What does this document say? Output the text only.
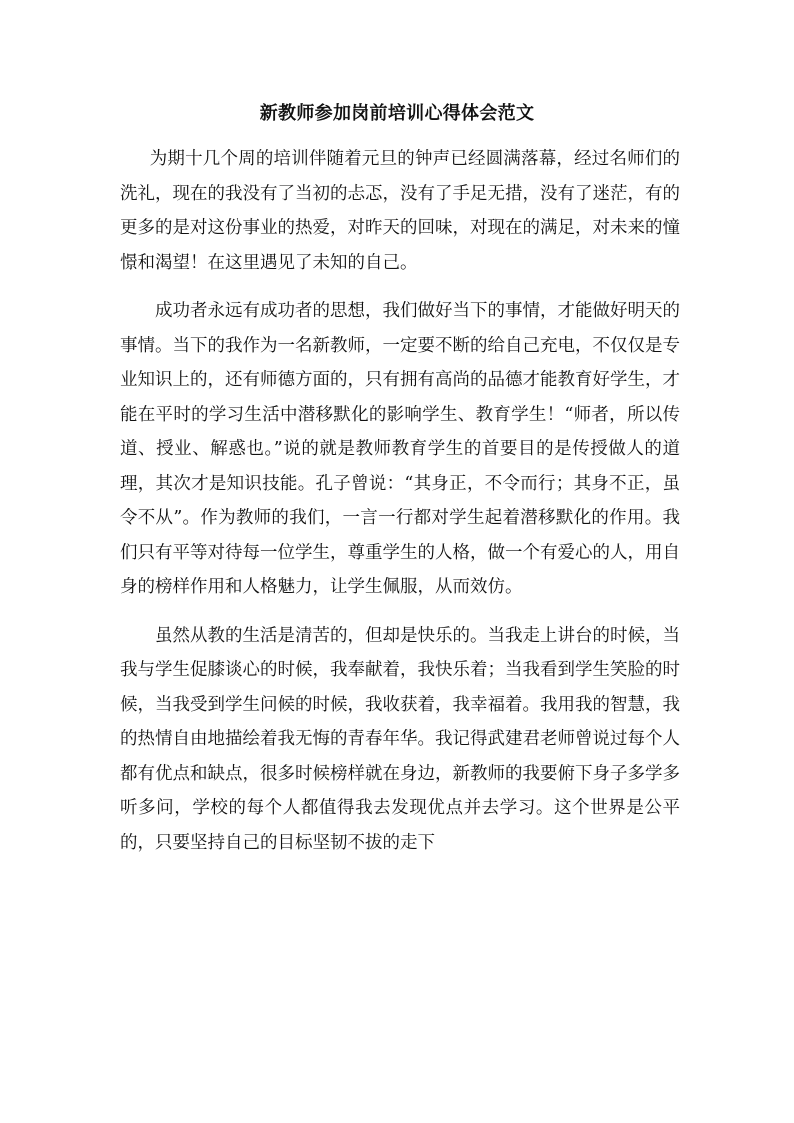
新教师参加岗前培训心得体会范文

为期十几个周的培训伴随着元旦的钟声已经圆满落幕，经过名师们的洗礼，现在的我没有了当初的忐忑，没有了手足无措，没有了迷茫，有的更多的是对这份事业的热爱，对昨天的回味，对现在的满足，对未来的憧憬和渴望！在这里遇见了未知的自己。

成功者永远有成功者的思想，我们做好当下的事情，才能做好明天的事情。当下的我作为一名新教师，一定要不断的给自己充电，不仅仅是专业知识上的，还有师德方面的，只有拥有高尚的品德才能教育好学生，才能在平时的学习生活中潜移默化的影响学生、教育学生！“师者，所以传道、授业、解惑也。”说的就是教师教育学生的首要目的是传授做人的道理，其次才是知识技能。孔子曾说：“其身正，不令而行；其身不正，虽令不从”。作为教师的我们，一言一行都对学生起着潜移默化的作用。我们只有平等对待每一位学生，尊重学生的人格，做一个有爱心的人，用自身的榜样作用和人格魅力，让学生佩服，从而效仿。

虽然从教的生活是清苦的，但却是快乐的。当我走上讲台的时候，当我与学生促膝谈心的时候，我奉献着，我快乐着；当我看到学生笑脸的时候，当我受到学生问候的时候，我收获着，我幸福着。我用我的智慧，我的热情自由地描绘着我无悔的青春年华。我记得武建君老师曾说过每个人都有优点和缺点，很多时候榜样就在身边，新教师的我要俯下身子多学多听多问，学校的每个人都值得我去发现优点并去学习。这个世界是公平的，只要坚持自己的目标坚韧不拔的走下
